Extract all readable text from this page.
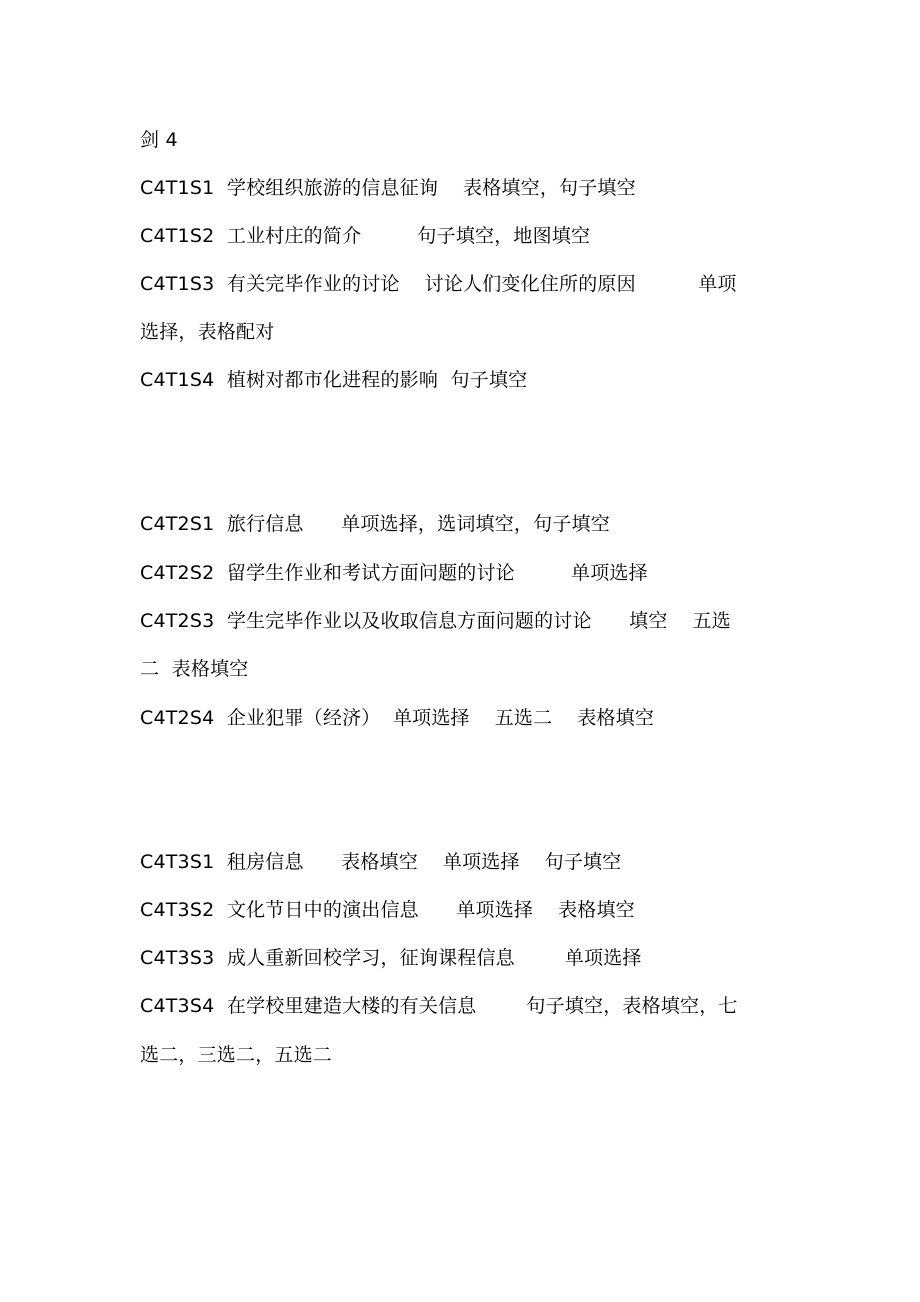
剑 4
C4T1S1  学校组织旅游的信息征询    表格填空，句子填空
C4T1S2  工业村庄的简介         句子填空，地图填空
C4T1S3  有关完毕作业的讨论    讨论人们变化住所的原因          单项
选择，表格配对
C4T1S4  植树对都市化进程的影响  句子填空
C4T2S1  旅行信息      单项选择，选词填空，句子填空
C4T2S2  留学生作业和考试方面问题的讨论         单项选择
C4T2S3  学生完毕作业以及收取信息方面问题的讨论      填空    五选
二  表格填空
C4T2S4  企业犯罪（经济）  单项选择    五选二    表格填空
C4T3S1  租房信息      表格填空    单项选择    句子填空
C4T3S2  文化节日中的演出信息      单项选择    表格填空
C4T3S3  成人重新回校学习，征询课程信息        单项选择
C4T3S4  在学校里建造大楼的有关信息        句子填空，表格填空，七
选二，三选二，五选二
